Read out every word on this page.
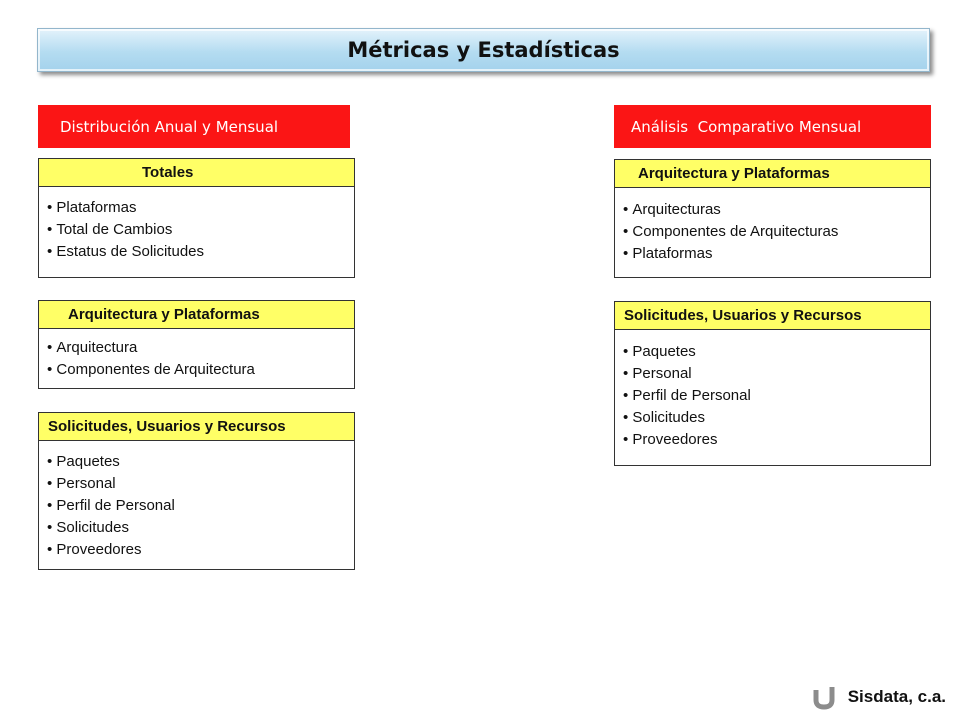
Métricas y Estadísticas
Distribución Anual y Mensual
Totales
• Plataformas
• Total de Cambios
• Estatus de Solicitudes
Arquitectura y Plataformas
• Arquitectura
• Componentes de Arquitectura
Solicitudes, Usuarios y Recursos
• Paquetes
• Personal
• Perfil de Personal
• Solicitudes
• Proveedores
Análisis  Comparativo Mensual
Arquitectura y Plataformas
• Arquitecturas
• Componentes de Arquitecturas
• Plataformas
Solicitudes, Usuarios y Recursos
• Paquetes
• Personal
• Perfil de Personal
• Solicitudes
• Proveedores
Sisdata, c.a.
